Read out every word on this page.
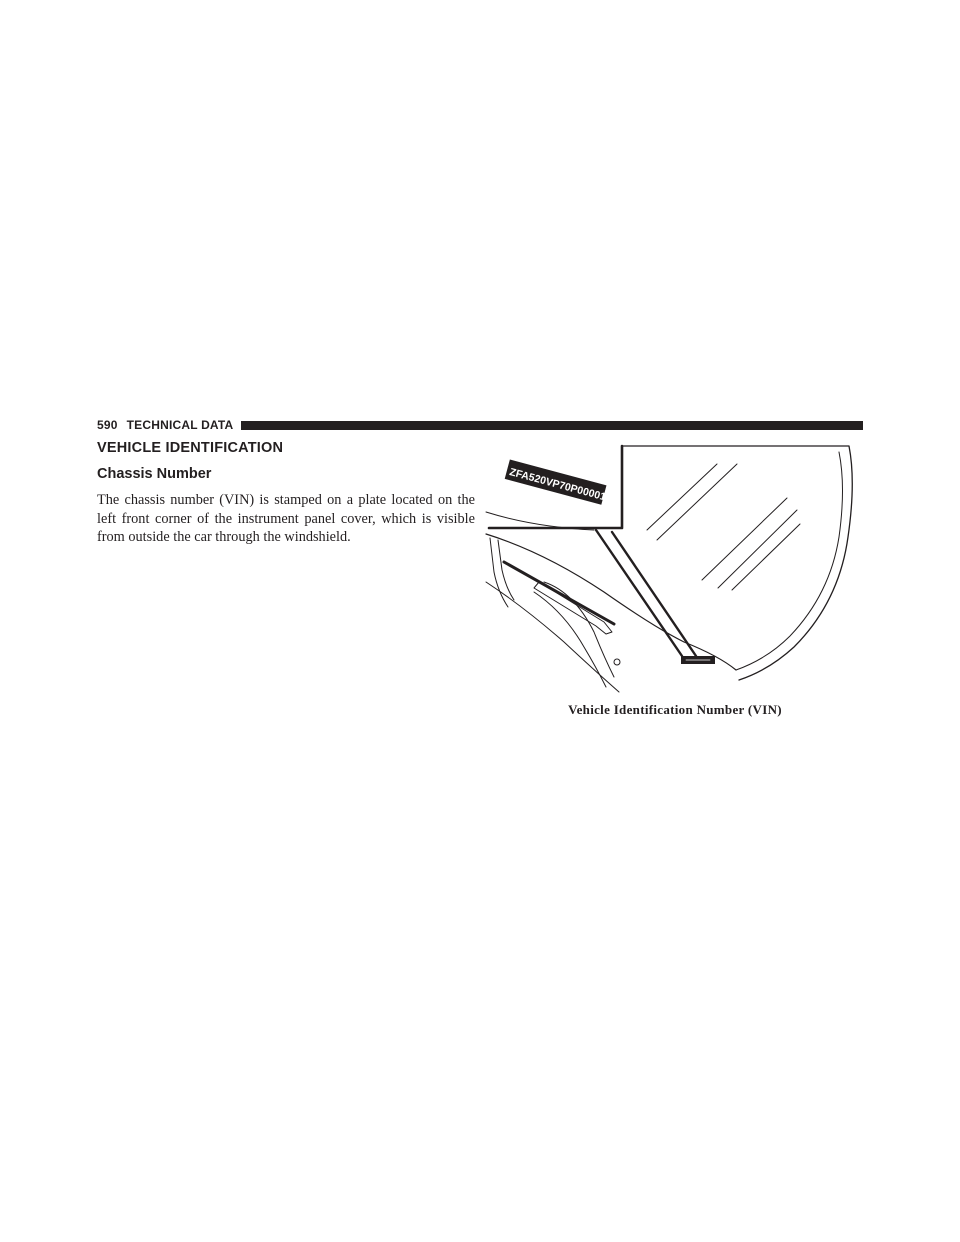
590 TECHNICAL DATA
VEHICLE IDENTIFICATION
Chassis Number

The chassis number (VIN) is stamped on a plate located on the left front corner of the instrument panel cover, which is visible from outside the car through the windshield.

ZFA520VP70P000016
Vehicle Identification Number (VIN)
